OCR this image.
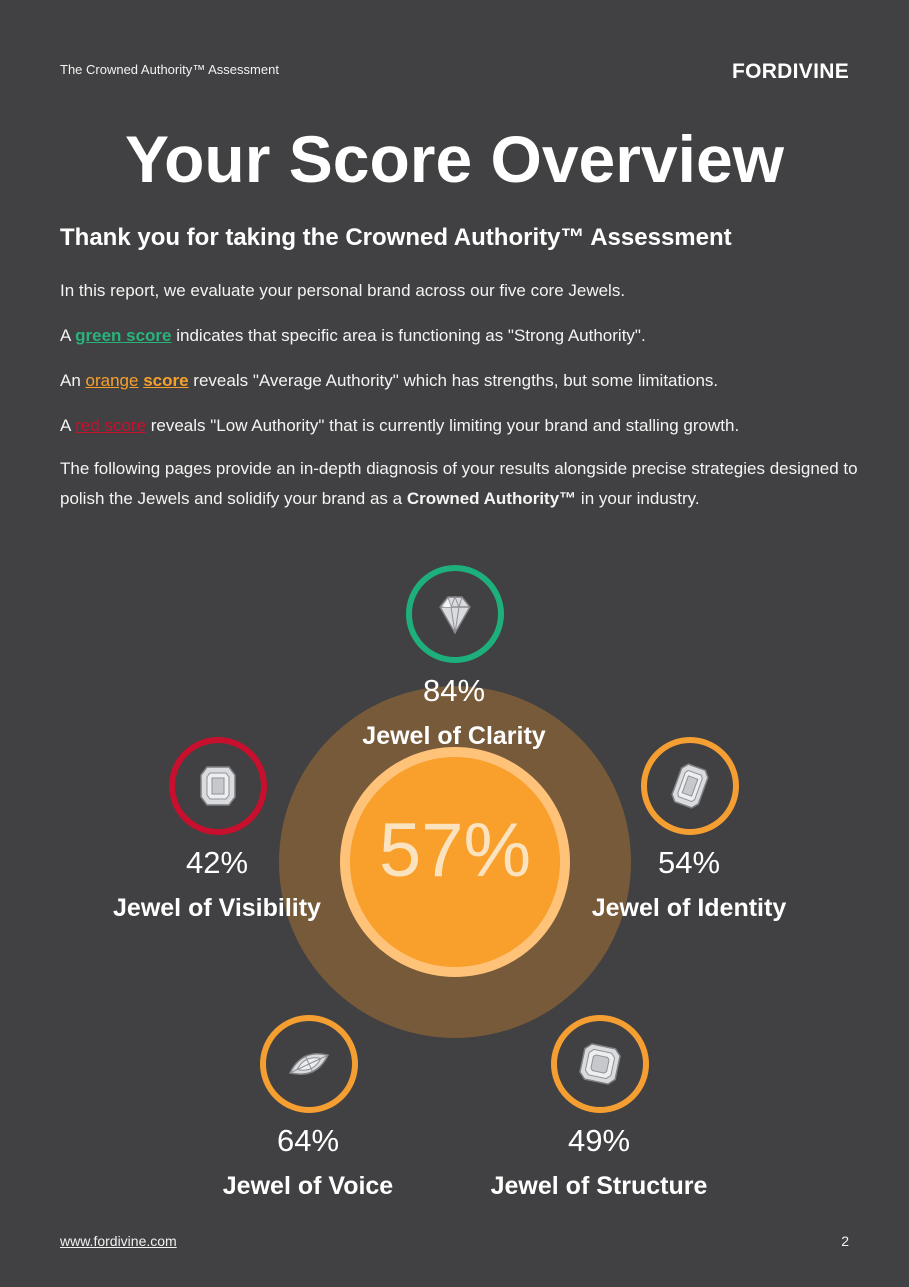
The Crowned Authority™ Assessment	FORDIVINE
Your Score Overview
Thank you for taking the Crowned Authority™ Assessment

In this report, we evaluate your personal brand across our five core Jewels.

A green score indicates that specific area is functioning as "Strong Authority".

An orange score reveals "Average Authority" which has strengths, but some limitations.

A red score reveals "Low Authority" that is currently limiting your brand and stalling growth.

The following pages provide an in-depth diagnosis of your results alongside precise strategies designed to polish the Jewels and solidify your brand as a Crowned Authority™ in your industry.

57%
84%
Jewel of Clarity
42%
Jewel of Visibility
54%
Jewel of Identity
64%
Jewel of Voice
49%
Jewel of Structure
www.fordivine.com	2
